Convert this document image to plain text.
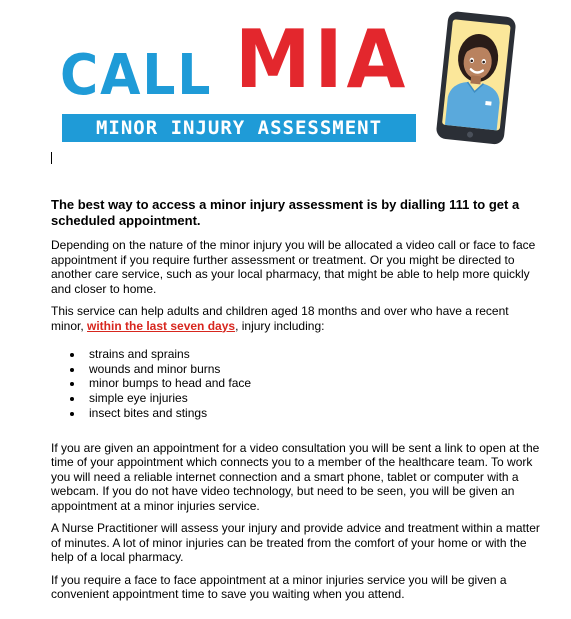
CALL MIA
MINOR INJURY ASSESSMENT

The best way to access a minor injury assessment is by dialling 111 to get a scheduled appointment.

Depending on the nature of the minor injury you will be allocated a video call or face to face appointment if you require further assessment or treatment. Or you might be directed to another care service, such as your local pharmacy, that might be able to help more quickly and closer to home.

This service can help adults and children aged 18 months and over who have a recent minor, within the last seven days, injury including:

strains and sprains
wounds and minor burns
minor bumps to head and face
simple eye injuries
insect bites and stings

If you are given an appointment for a video consultation you will be sent a link to open at the time of your appointment which connects you to a member of the healthcare team. To work you will need a reliable internet connection and a smart phone, tablet or computer with a webcam. If you do not have video technology, but need to be seen, you will be given an appointment at a minor injuries service.

A Nurse Practitioner will assess your injury and provide advice and treatment within a matter of minutes. A lot of minor injuries can be treated from the comfort of your home or with the help of a local pharmacy.

If you require a face to face appointment at a minor injuries service you will be given a convenient appointment time to save you waiting when you attend.
